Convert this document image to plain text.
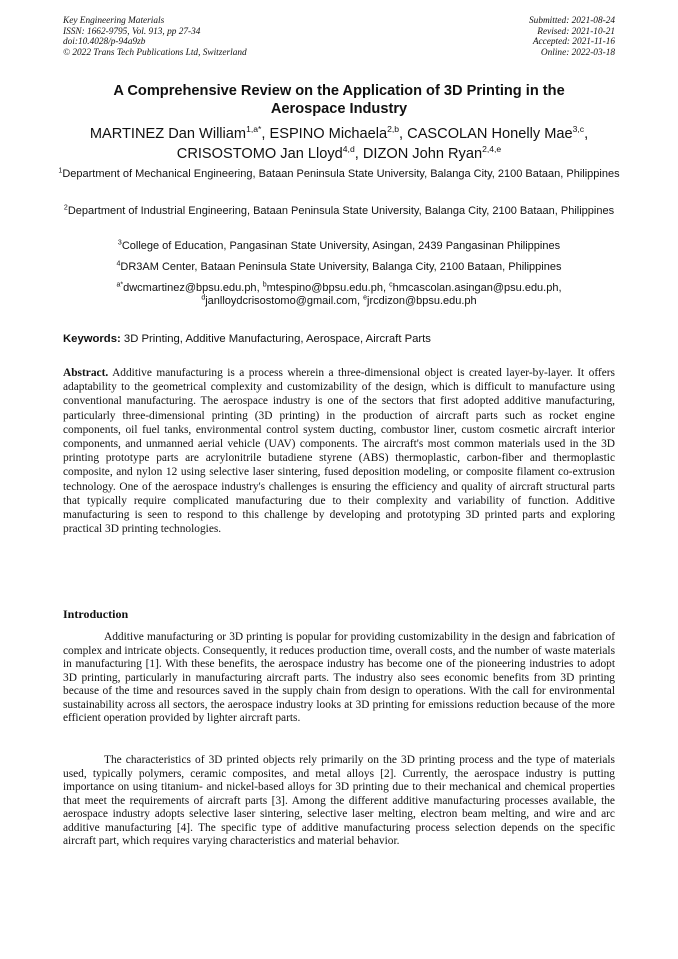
Key Engineering Materials
ISSN: 1662-9795, Vol. 913, pp 27-34
doi:10.4028/p-94a9zb
© 2022 Trans Tech Publications Ltd, Switzerland
Submitted: 2021-08-24
Revised: 2021-10-21
Accepted: 2021-11-16
Online: 2022-03-18
A Comprehensive Review on the Application of 3D Printing in the
Aerospace Industry
MARTINEZ Dan William$^{1,a*}$, ESPINO Michaela$^{2,b}$, CASCOLAN Honelly Mae$^{3,c}$,
CRISOSTOMO Jan Lloyd$^{4,d}$, DIZON John Ryan$^{2,4,e}$
$^1$Department of Mechanical Engineering, Bataan Peninsula State University, Balanga City, 2100 Bataan, Philippines
$^2$Department of Industrial Engineering, Bataan Peninsula State University, Balanga City, 2100 Bataan, Philippines
$^3$College of Education, Pangasinan State University, Asingan, 2439 Pangasinan Philippines
$^4$DR3AM Center, Bataan Peninsula State University, Balanga City, 2100 Bataan, Philippines
$^{a*}$dwcmartinez@bpsu.edu.ph, $^b$mtespino@bpsu.edu.ph, $^c$hmcascolan.asingan@psu.edu.ph,
$^d$janlloydcrisostomo@gmail.com, $^e$jrcdizon@bpsu.edu.ph
Keywords: 3D Printing, Additive Manufacturing, Aerospace, Aircraft Parts
Abstract. Additive manufacturing is a process wherein a three-dimensional object is created layer-by-layer. It offers adaptability to the geometrical complexity and customizability of the design, which is difficult to manufacture using conventional manufacturing. The aerospace industry is one of the sectors that first adopted additive manufacturing, particularly three-dimensional printing (3D printing) in the production of aircraft parts such as rocket engine components, oil fuel tanks, environmental control system ducting, combustor liner, custom cosmetic aircraft interior components, and unmanned aerial vehicle (UAV) components. The aircraft's most common materials used in the 3D printing prototype parts are acrylonitrile butadiene styrene (ABS) thermoplastic, carbon-fiber and thermoplastic composite, and nylon 12 using selective laser sintering, fused deposition modeling, or composite filament co-extrusion technology. One of the aerospace industry's challenges is ensuring the efficiency and quality of aircraft structural parts that typically require complicated manufacturing due to their complexity and variability of function. Additive manufacturing is seen to respond to this challenge by developing and prototyping 3D printed parts and exploring practical 3D printing technologies.
Introduction
Additive manufacturing or 3D printing is popular for providing customizability in the design and fabrication of complex and intricate objects. Consequently, it reduces production time, overall costs, and the number of waste materials in manufacturing [1]. With these benefits, the aerospace industry has become one of the pioneering industries to adopt 3D printing, particularly in manufacturing aircraft parts. The industry also sees economic benefits from 3D printing because of the time and resources saved in the supply chain from design to operations. With the call for environmental sustainability across all sectors, the aerospace industry looks at 3D printing for emissions reduction because of the more efficient operation provided by lighter aircraft parts.
The characteristics of 3D printed objects rely primarily on the 3D printing process and the type of materials used, typically polymers, ceramic composites, and metal alloys [2]. Currently, the aerospace industry is putting importance on using titanium- and nickel-based alloys for 3D printing due to their mechanical and chemical properties that meet the requirements of aircraft parts [3]. Among the different additive manufacturing processes available, the aerospace industry adopts selective laser sintering, selective laser melting, electron beam melting, and wire and arc additive manufacturing [4]. The specific type of additive manufacturing process selection depends on the specific aircraft part, which requires varying characteristics and material behavior.
